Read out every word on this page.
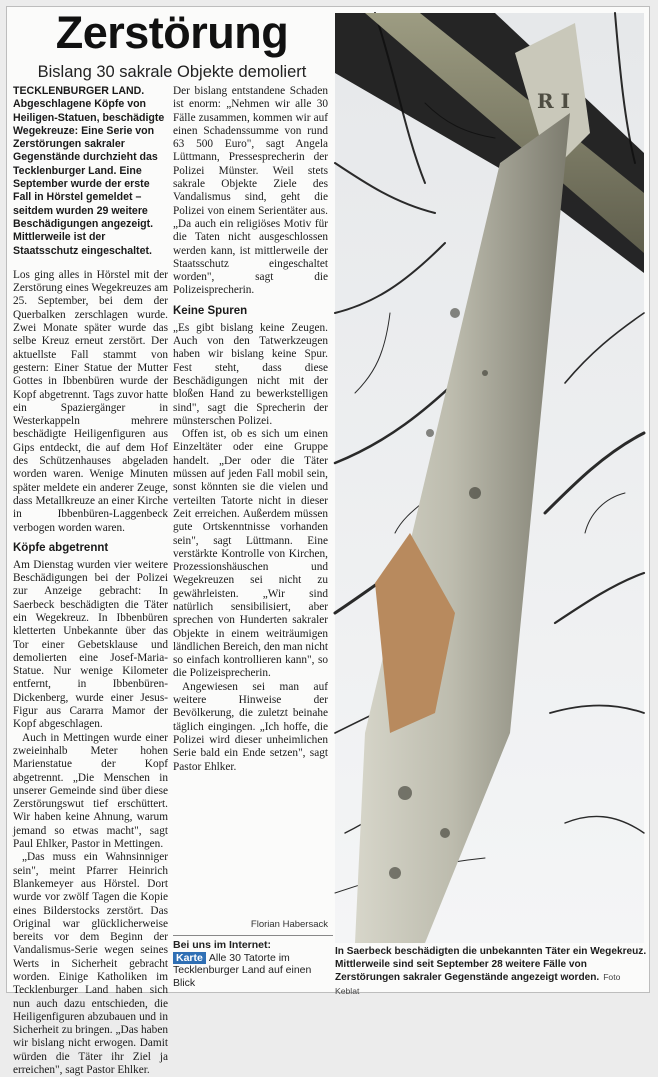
Zerstörung
Bislang 30 sakrale Objekte demoliert

TECKLENBURGER LAND. Abgeschlagene Köpfe von Heiligen-Statuen, beschädigte Wegekreuze: Eine Serie von Zerstörungen sakraler Gegenstände durchzieht das Tecklenburger Land. Eine September wurde der erste Fall in Hörstel gemeldet – seitdem wurden 29 weitere Beschädigungen angezeigt. Mittlerweile ist der Staatsschutz eingeschaltet.

Los ging alles in Hörstel mit der Zerstörung eines Wegekreuzes am 25. September, bei dem der Querbalken zerschlagen wurde. Zwei Monate später wurde das selbe Kreuz erneut zerstört. Der aktuellste Fall stammt von gestern: Einer Statue der Mutter Gottes in Ibbenbüren wurde der Kopf abgetrennt. Tags zuvor hatte ein Spaziergänger in Westerkappeln mehrere beschädigte Heiligenfiguren aus Gips entdeckt, die auf dem Hof des Schützenhauses abgeladen worden waren. Wenige Minuten später meldete ein anderer Zeuge, dass Metallkreuze an einer Kirche in Ibbenbüren-Laggenbeck verbogen worden waren.

Köpfe abgetrennt

Am Dienstag wurden vier weitere Beschädigungen bei der Polizei zur Anzeige gebracht: In Saerbeck beschädigten die Täter ein Wegekreuz. In Ibbenbüren kletterten Unbekannte über das Tor einer Gebetsklause und demolierten eine Josef-Maria-Statue. Nur wenige Kilometer entfernt, in Ibbenbüren-Dickenberg, wurde einer Jesus-Figur aus Cararra Mamor der Kopf abgeschlagen.

Auch in Mettingen wurde einer zweieinhalb Meter hohen Marienstatue der Kopf abgetrennt. „Die Menschen in unserer Gemeinde sind über diese Zerstörungswut tief erschüttert. Wir haben keine Ahnung, warum jemand so etwas macht", sagt Paul Ehlker, Pastor in Mettingen.

„Das muss ein Wahnsinniger sein", meint Pfarrer Heinrich Blankemeyer aus Hörstel. Dort wurde vor zwölf Tagen die Kopie eines Bilderstocks zerstört. Das Original war glücklicherweise bereits vor dem Beginn der Vandalismus-Serie wegen seines Werts in Sicherheit gebracht worden. Einige Katholiken im Tecklenburger Land haben sich nun auch dazu entschieden, die Heiligenfiguren abzubauen und in Sicherheit zu bringen. „Das haben wir bislang nicht erwogen. Damit würden die Täter ihr Ziel ja erreichen", sagt Pastor Ehlker.

Der bislang entstandene Schaden ist enorm: „Nehmen wir alle 30 Fälle zusammen, kommen wir auf einen Schadenssumme von rund 63 500 Euro", sagt Angela Lüttmann, Pressesprecherin der Polizei Münster. Weil stets sakrale Objekte Ziele des Vandalismus sind, geht die Polizei von einem Serientäter aus. „Da auch ein religiöses Motiv für die Taten nicht ausgeschlossen werden kann, ist mittlerweile der Staatsschutz eingeschaltet worden", sagt die Polizeisprecherin.

Keine Spuren

„Es gibt bislang keine Zeugen. Auch von den Tatwerkzeugen haben wir bislang keine Spur. Fest steht, dass diese Beschädigungen nicht mit der bloßen Hand zu bewerkstelligen sind", sagt die Sprecherin der münsterschen Polizei.

Offen ist, ob es sich um einen Einzeltäter oder eine Gruppe handelt. „Der oder die Täter müssen auf jeden Fall mobil sein, sonst könnten sie die vielen und verteilten Tatorte nicht in dieser Zeit erreichen. Außerdem müssen gute Ortskenntnisse vorhanden sein", sagt Lüttmann. Eine verstärkte Kontrolle von Kirchen, Prozessionshäuschen und Wegekreuzen sei nicht zu gewährleisten. „Wir sind natürlich sensibilisiert, aber sprechen von Hunderten sakraler Objekte in einem weiträumigen ländlichen Bereich, den man nicht so einfach kontrollieren kann", so die Polizeisprecherin.

Angewiesen sei man auf weitere Hinweise der Bevölkerung, die zuletzt beinahe täglich eingingen. „Ich hoffe, die Polizei wird dieser unheimlichen Serie bald ein Ende setzen", sagt Pastor Ehlker.

Florian Habersack
Bei uns im Internet:
Karte Alle 30 Tatorte im Tecklenburger Land auf einen Blick
R I
In Saerbeck beschädigten die unbekannten Täter ein Wegekreuz. Mittlerweile sind seit September 28 weitere Fälle von Zerstörungen sakraler Gegenstände angezeigt worden. Foto Keblat
